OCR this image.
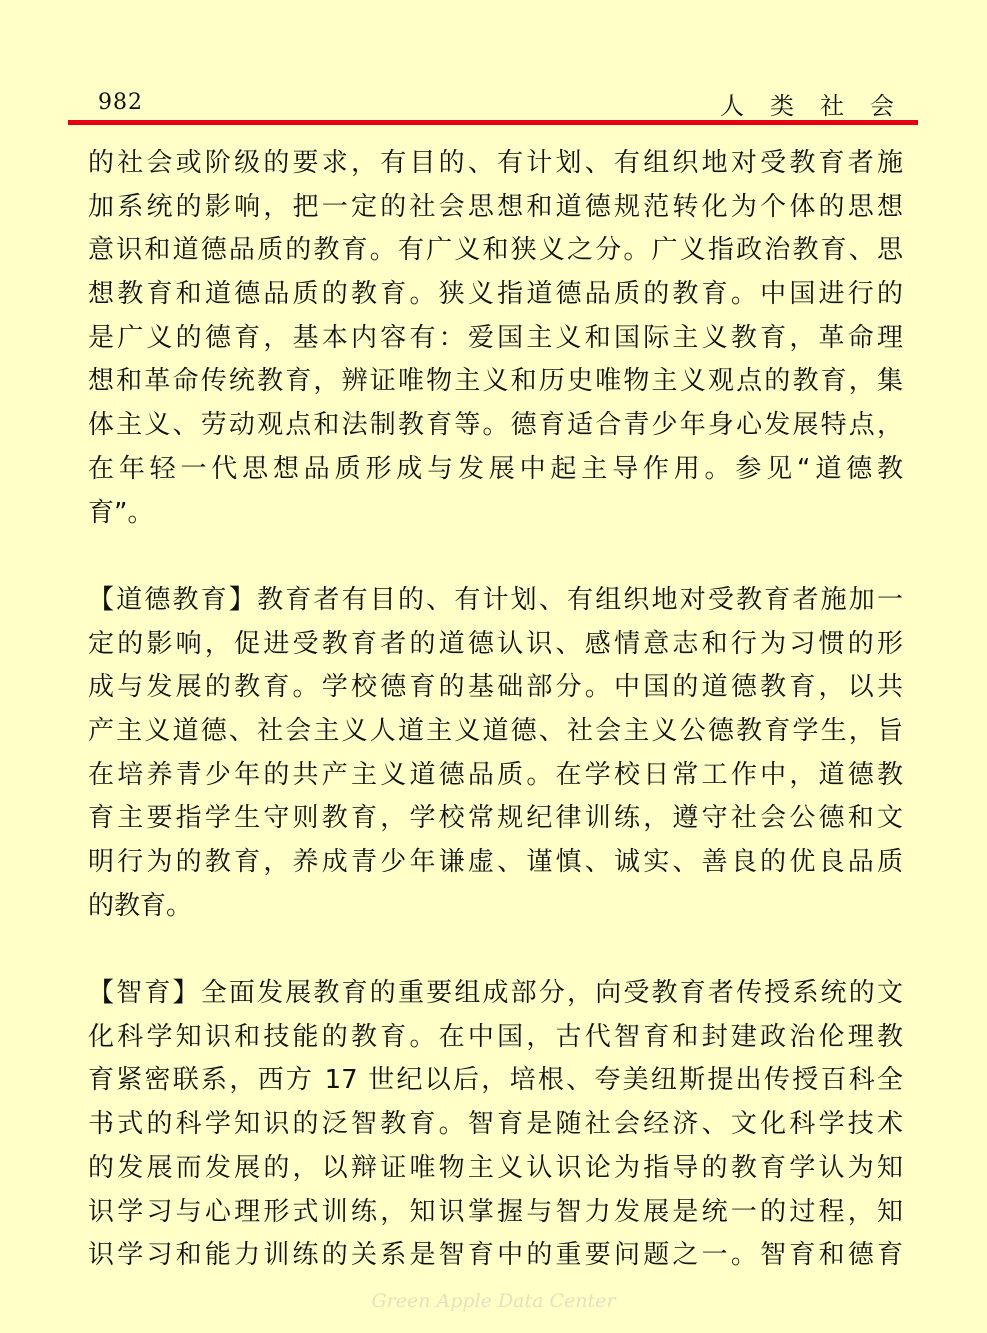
982	人类社会
的社会或阶级的要求，有目的、有计划、有组织地对受教育者施
加系统的影响，把一定的社会思想和道德规范转化为个体的思想
意识和道德品质的教育。有广义和狭义之分。广义指政治教育、思
想教育和道德品质的教育。狭义指道德品质的教育。中国进行的
是广义的德育，基本内容有：爱国主义和国际主义教育，革命理
想和革命传统教育，辨证唯物主义和历史唯物主义观点的教育，集
体主义、劳动观点和法制教育等。德育适合青少年身心发展特点，
在年轻一代思想品质形成与发展中起主导作用。参见“道德教
育”。
【道德教育】教育者有目的、有计划、有组织地对受教育者施加一
定的影响，促进受教育者的道德认识、感情意志和行为习惯的形
成与发展的教育。学校德育的基础部分。中国的道德教育，以共
产主义道德、社会主义人道主义道德、社会主义公德教育学生，旨
在培养青少年的共产主义道德品质。在学校日常工作中，道德教
育主要指学生守则教育，学校常规纪律训练，遵守社会公德和文
明行为的教育，养成青少年谦虚、谨慎、诚实、善良的优良品质
的教育。
【智育】全面发展教育的重要组成部分，向受教育者传授系统的文
化科学知识和技能的教育。在中国，古代智育和封建政治伦理教
育紧密联系，西方 17 世纪以后，培根、夸美纽斯提出传授百科全
书式的科学知识的泛智教育。智育是随社会经济、文化科学技术
的发展而发展的，以辩证唯物主义认识论为指导的教育学认为知
识学习与心理形式训练，知识掌握与智力发展是统一的过程，知
识学习和能力训练的关系是智育中的重要问题之一。智育和德育
Green Apple Data Center
